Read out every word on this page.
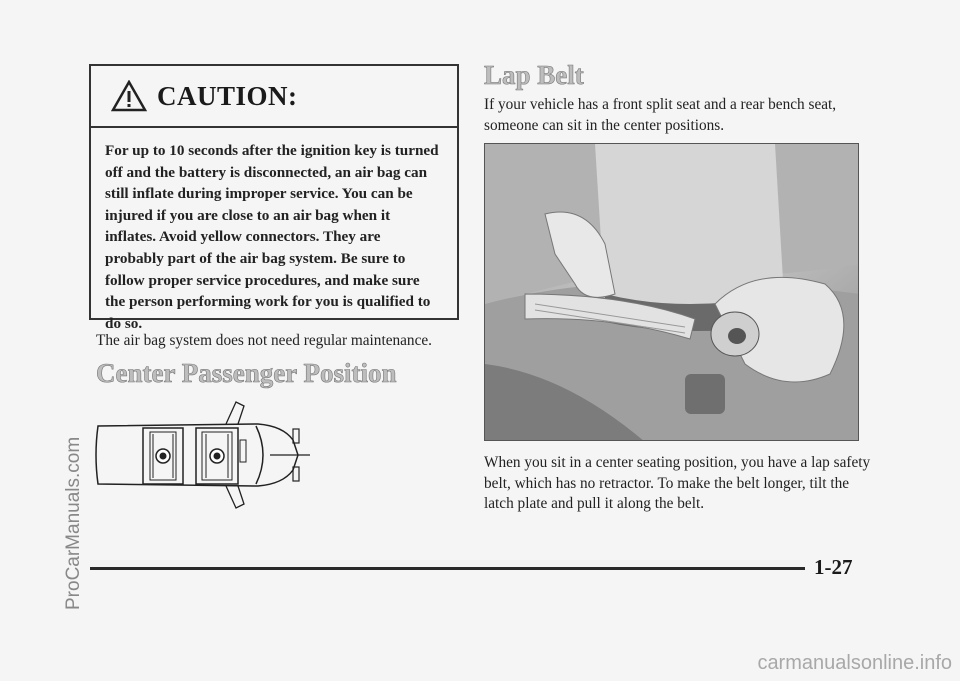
CAUTION:
For up to 10 seconds after the ignition key is turned off and the battery is disconnected, an air bag can still inflate during improper service. You can be injured if you are close to an air bag when it inflates. Avoid yellow connectors. They are probably part of the air bag system. Be sure to follow proper service procedures, and make sure the person performing work for you is qualified to do so.
The air bag system does not need regular maintenance.
Center Passenger Position
Lap Belt
If your vehicle has a front split seat and a rear bench seat, someone can sit in the center positions.
When you sit in a center seating position, you have a lap safety belt, which has no retractor. To make the belt longer, tilt the latch plate and pull it along the belt.
1-27
ProCarManuals.com
carmanualsonline.info
